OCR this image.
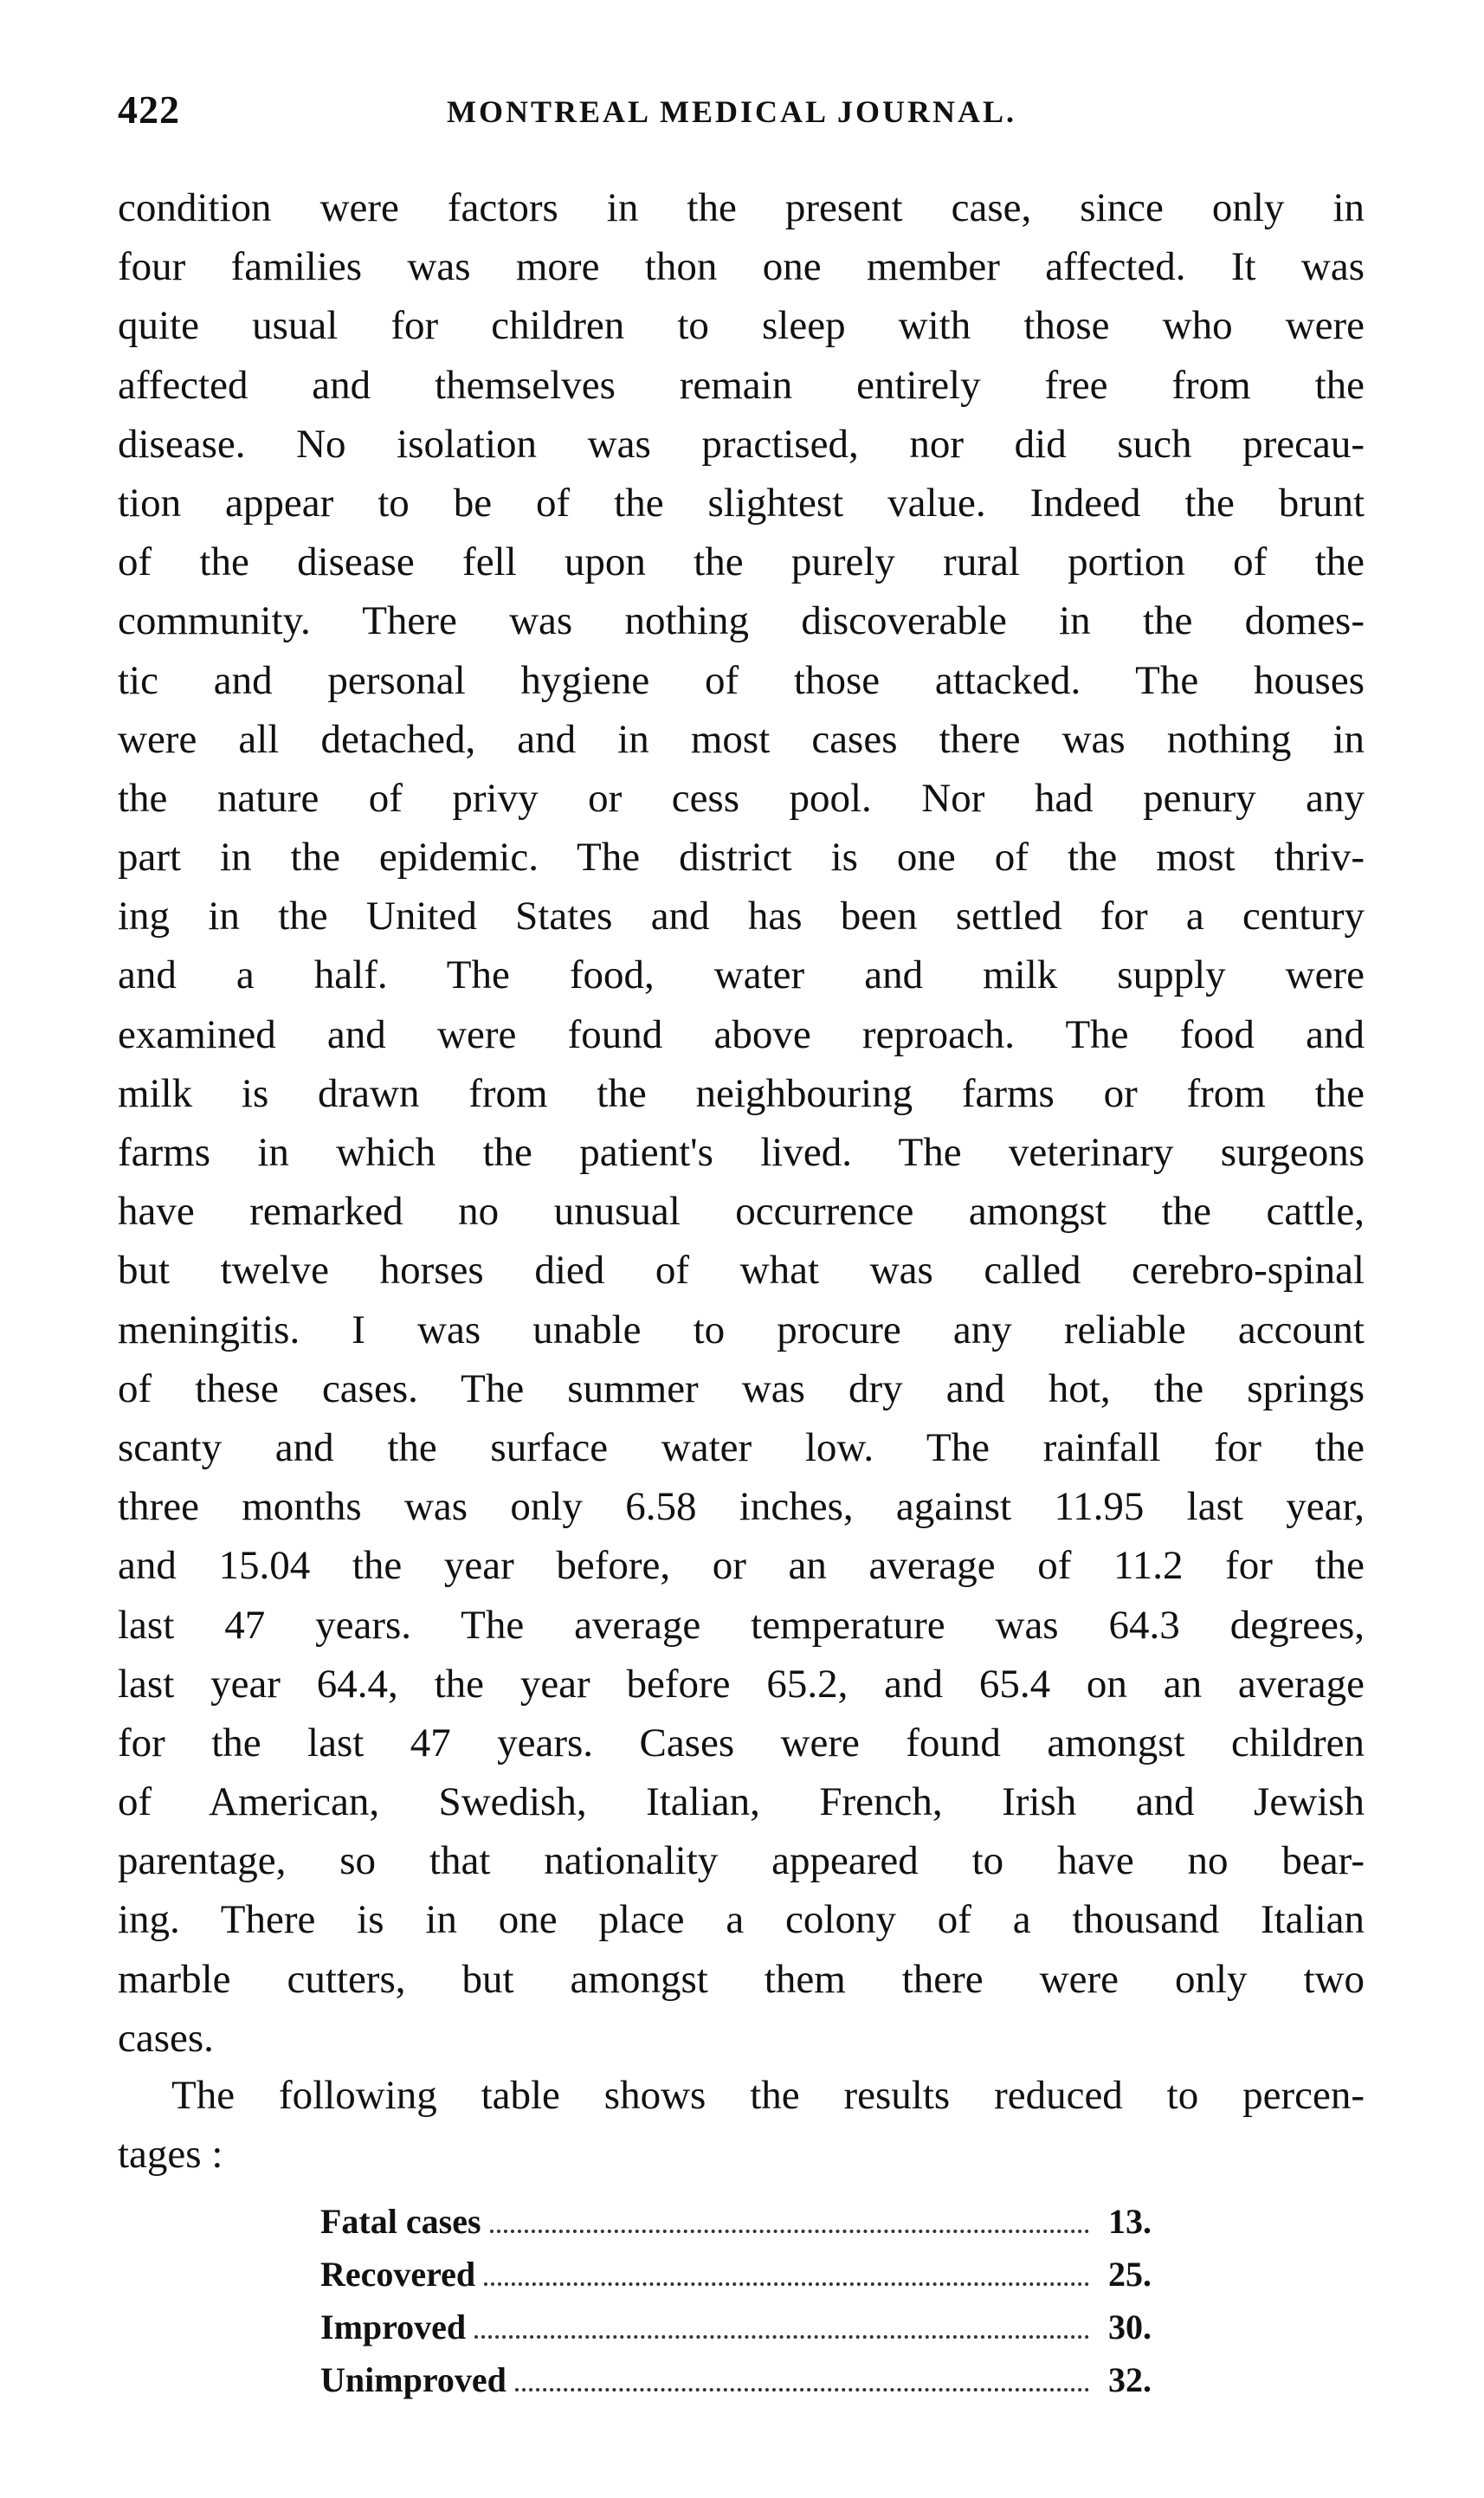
422	MONTREAL MEDICAL JOURNAL.
condition were factors in the present case, since only in
four families was more thon one member affected. It was
quite usual for children to sleep with those who were
affected and themselves remain entirely free from the
disease. No isolation was practised, nor did such precau-
tion appear to be of the slightest value. Indeed the brunt
of the disease fell upon the purely rural portion of the
community. There was nothing discoverable in the domes-
tic and personal hygiene of those attacked. The houses
were all detached, and in most cases there was nothing in
the nature of privy or cess pool. Nor had penury any
part in the epidemic. The district is one of the most thriv-
ing in the United States and has been settled for a century
and a half. The food, water and milk supply were
examined and were found above reproach. The food and
milk is drawn from the neighbouring farms or from the
farms in which the patient's lived. The veterinary surgeons
have remarked no unusual occurrence amongst the cattle,
but twelve horses died of what was called cerebro-spinal
meningitis. I was unable to procure any reliable account
of these cases. The summer was dry and hot, the springs
scanty and the surface water low. The rainfall for the
three months was only 6.58 inches, against 11.95 last year,
and 15.04 the year before, or an average of 11.2 for the
last 47 years. The average temperature was 64.3 degrees,
last year 64.4, the year before 65.2, and 65.4 on an average
for the last 47 years. Cases were found amongst children
of American, Swedish, Italian, French, Irish and Jewish
parentage, so that nationality appeared to have no bear-
ing. There is in one place a colony of a thousand Italian
marble cutters, but amongst them there were only two
cases.
The following table shows the results reduced to percen-
tages :
Fatal cases	13.
Recovered	25.
Improved	30.
Unimproved	32.
